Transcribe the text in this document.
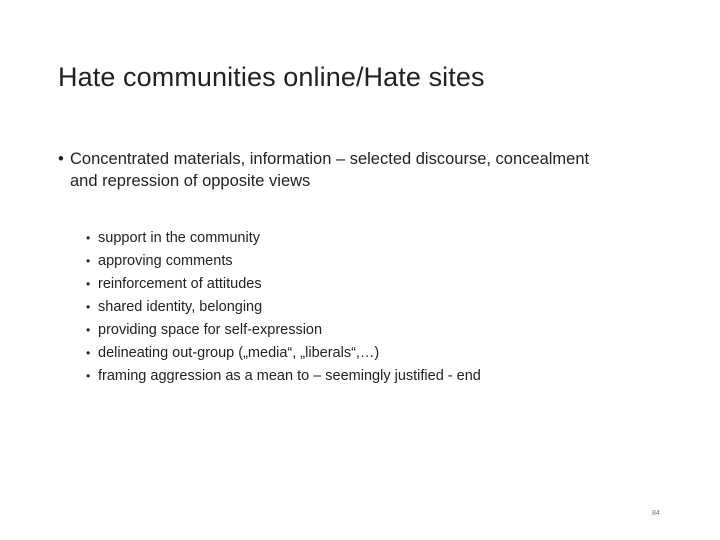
Hate communities online/Hate sites
• Concentrated materials, information – selected discourse, concealment and repression of opposite views
• support in the community
• approving comments
• reinforcement of attitudes
• shared identity, belonging
• providing space for self-expression
• delineating out-group („media“, „liberals“,…)
• framing aggression as a mean to – seemingly justified - end
84
